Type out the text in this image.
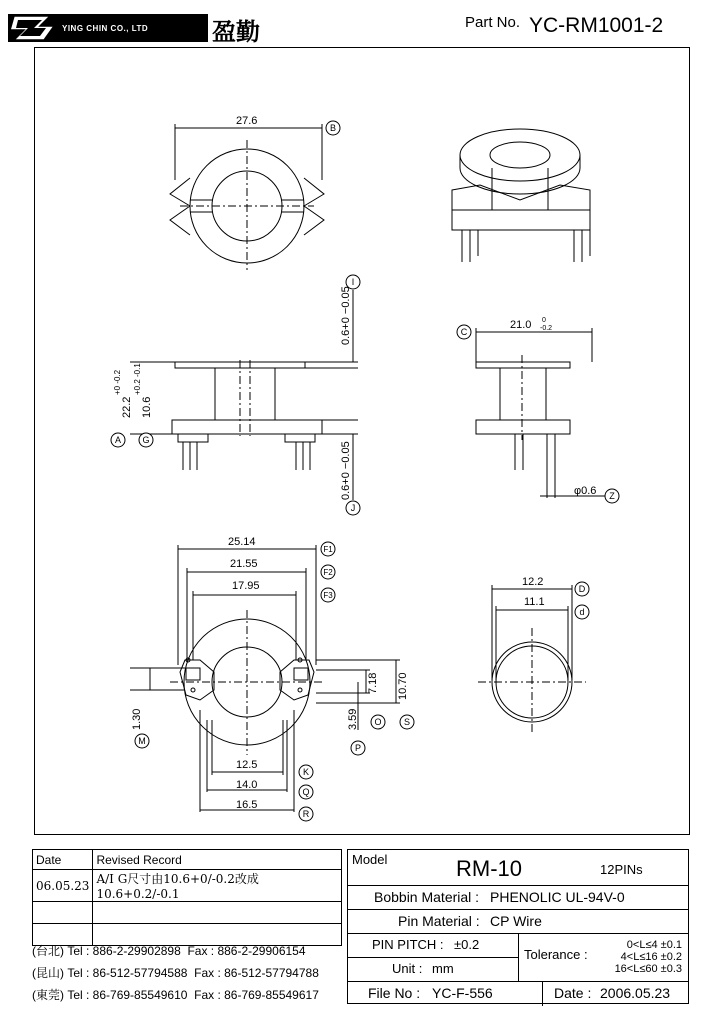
YING CHIN CO., LTD	盈勤	Part No. YC-RM1001-2
B
I
C
A G
J
Z
F1
F2
F3
D
d
M
P
O S
K
Q
R
27.6
21.0 0
-0.2
φ0.6
25.14
21.55
17.95	12.2
11.1
12.5
14.0
16.5
0.6+0 −0.05
22.2
+0 -0.2
10.6
+0.2 -0.1
0.6+0 −0.05
1.30
7.18 10.70
3.59
Date	Revised Record
06.05.23	A/I G尺寸由10.6+0/-0.2改成10.6+0.2/-0.1

(台北) Tel : 886-2-29902898 Fax : 886-2-29906154
(昆山) Tel : 86-512-57794588 Fax : 86-512-57794788
(東莞) Tel : 86-769-85549610 Fax : 86-769-85549617
Model	RM-10	12PINs
Bobbin Material : PHENOLIC UL-94V-0
Pin Material : CP Wire
PIN PITCH : ±0.2
Unit : mm
Tolerance :
0<L≤4 ±0.1
4<L≤16 ±0.2
16<L≤60 ±0.3
File No : YC-F-556	Date : 2006.05.23
